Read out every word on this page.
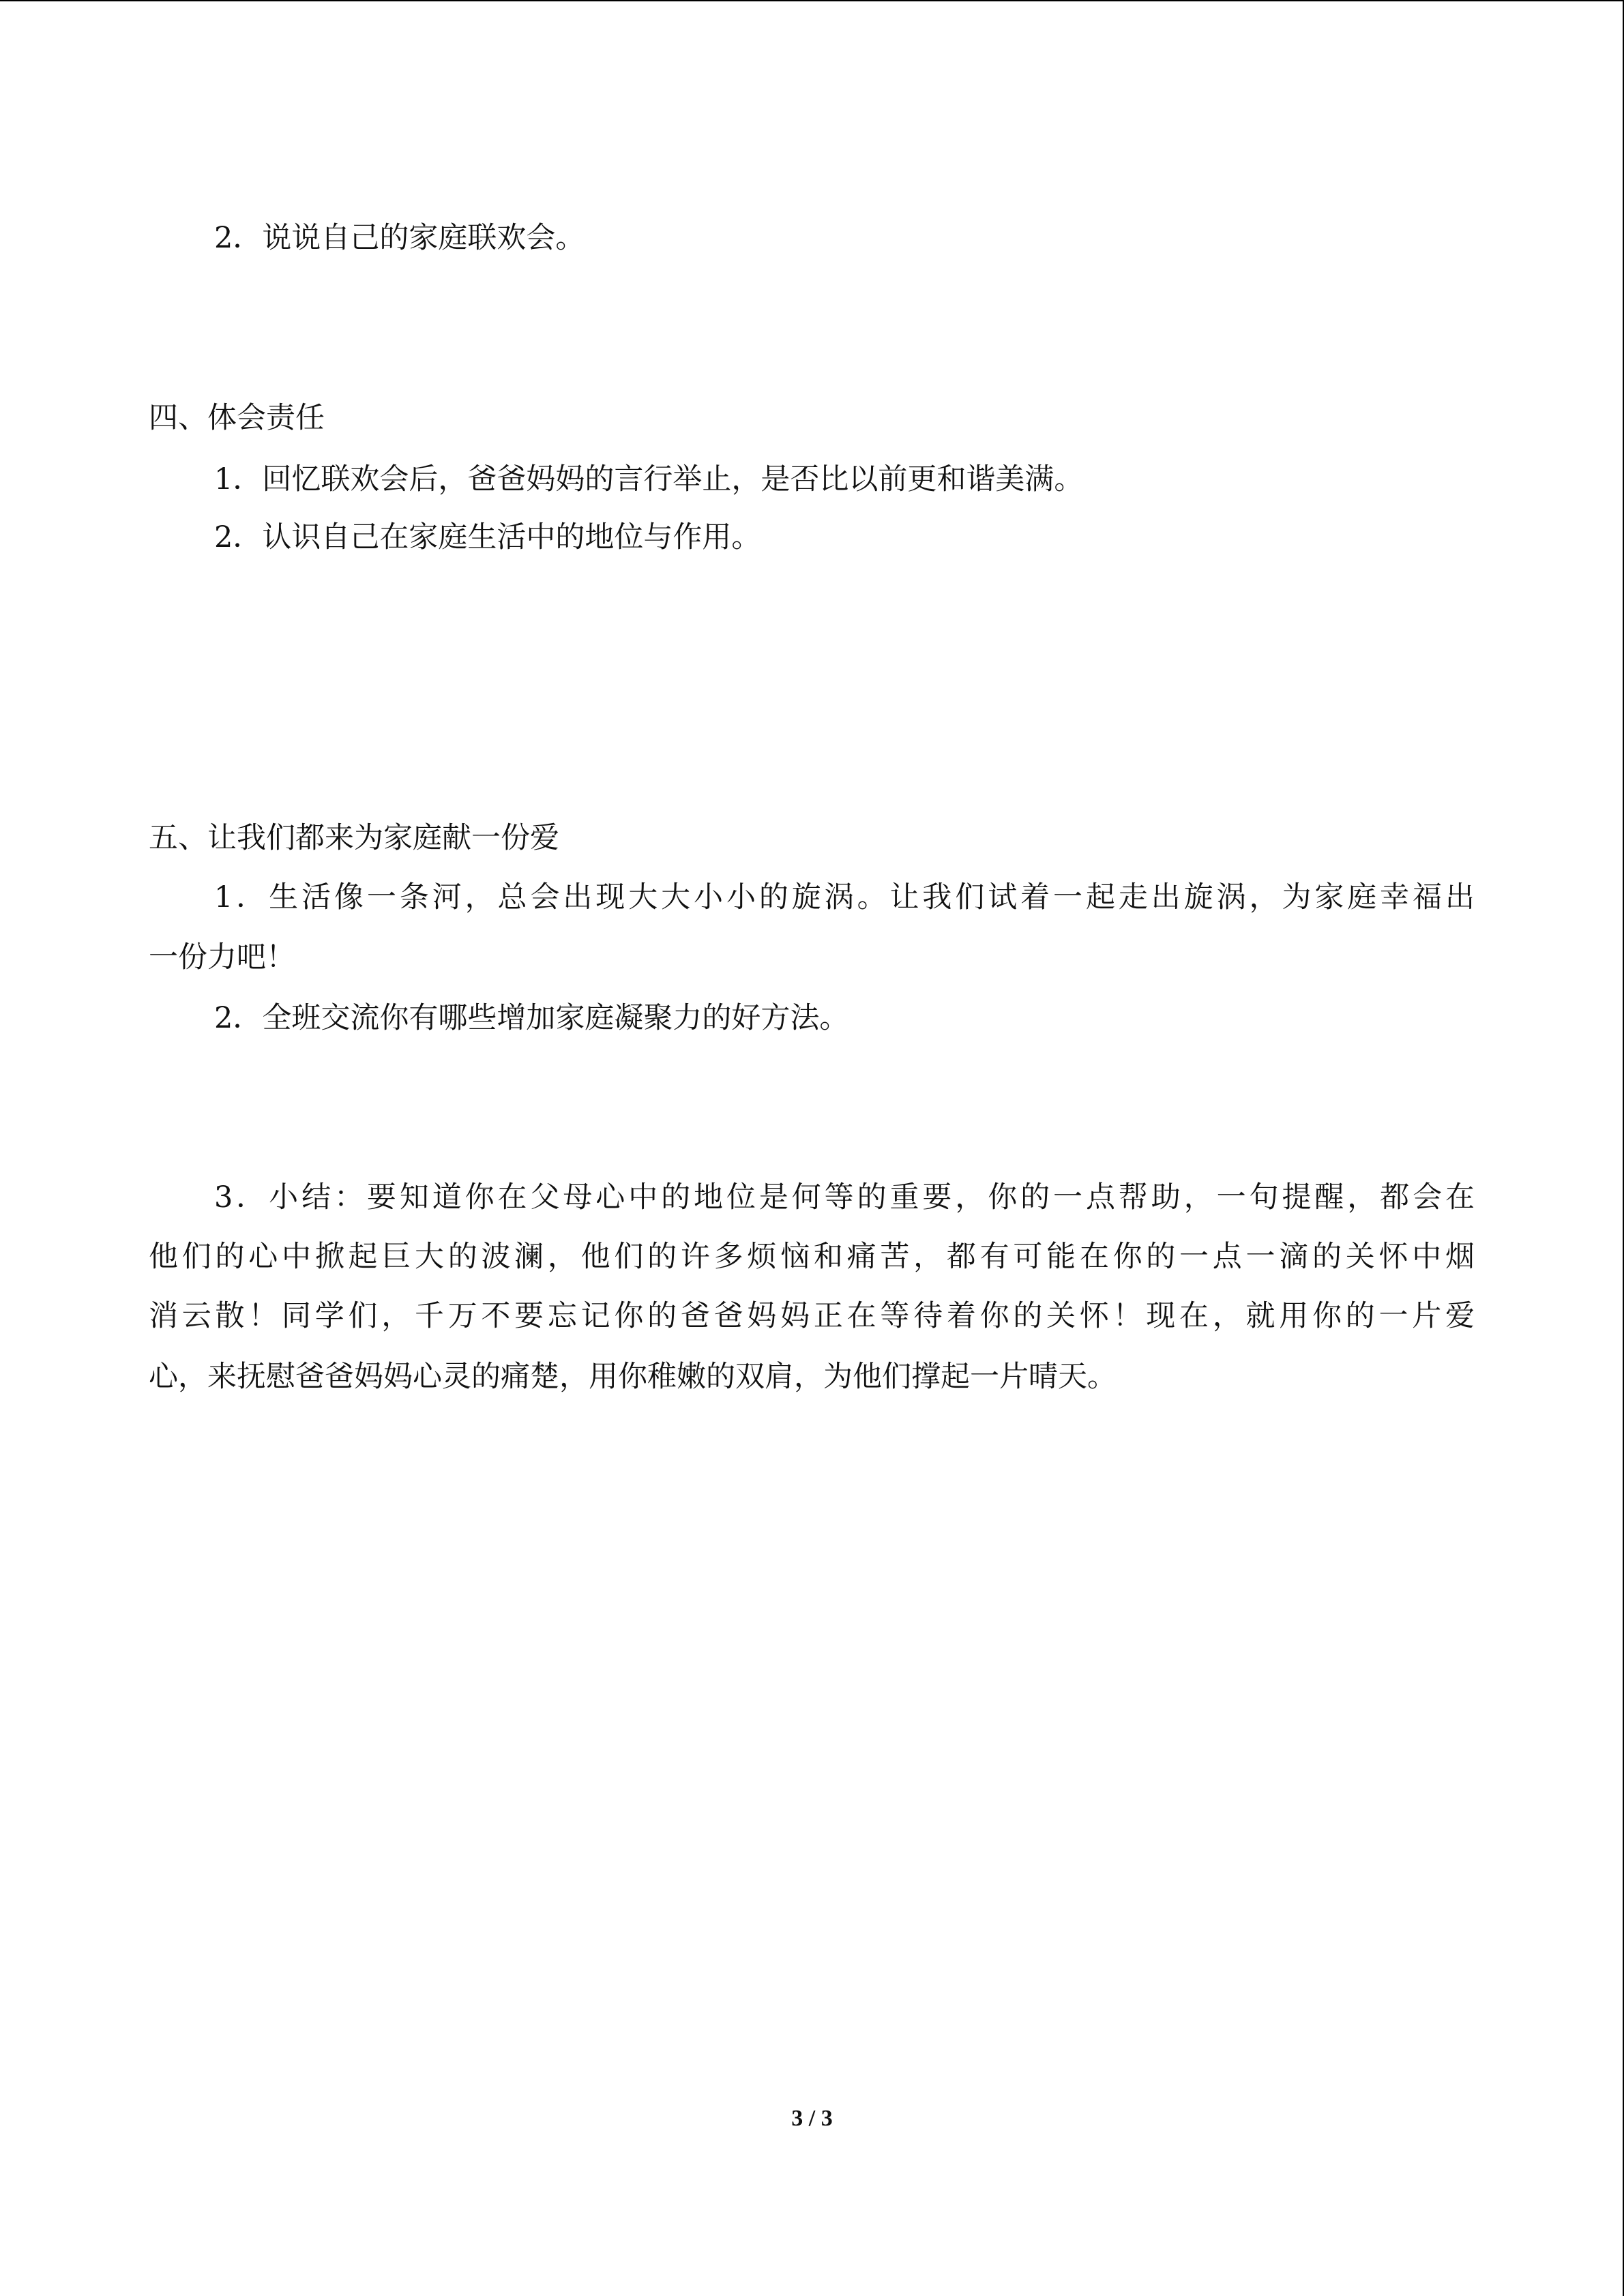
2．说说自己的家庭联欢会。
四、体会责任
1．回忆联欢会后，爸爸妈妈的言行举止，是否比以前更和谐美满。
2．认识自己在家庭生活中的地位与作用。
五、让我们都来为家庭献一份爱
1．生活像一条河，总会出现大大小小的旋涡。让我们试着一起走出旋涡，为家庭幸福出
一份力吧！
2．全班交流你有哪些增加家庭凝聚力的好方法。
3．小结：要知道你在父母心中的地位是何等的重要，你的一点帮助，一句提醒，都会在
他们的心中掀起巨大的波澜，他们的许多烦恼和痛苦，都有可能在你的一点一滴的关怀中烟
消云散！同学们，千万不要忘记你的爸爸妈妈正在等待着你的关怀！现在，就用你的一片爱
心，来抚慰爸爸妈妈心灵的痛楚，用你稚嫩的双肩，为他们撑起一片晴天。
3 / 3
